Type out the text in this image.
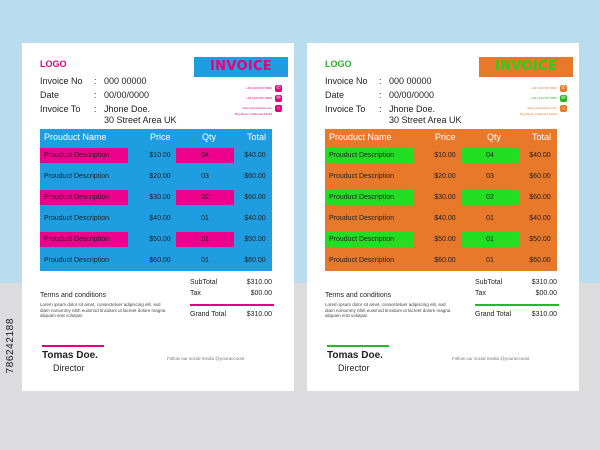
786242188
LOGO	INVOICE
Invoice No : 000 00000
Date	: 00/00/0000
Invoice To : Jhone Doe.
30 Street Area UK
+00 1234 567 8900 ✆
+00 1234 567 8900 ✉
www.yourwebsite.com
Big Street, California 34343
⌂
Prouduct Name	Price	Qty	Total
Prouduct Description	$10.00	04	$40.00
Prouduct Description	$20.00	03	$60.00
Prouduct Description	$30.00	02	$60.00
Prouduct Description	$40.00	01	$40.00
Prouduct Description	$50.00	01	$50.00
Prouduct Description	$60.00	01	$60.00
SubTotal	$310.00
Tax	$00.00
Grand Total	$310.00
Terms and conditions
Lorem ipsum dolor sit amet, consectetuer adipiscing elit, sed diam nonummy nibh euismod tincidunt ut lacreet dolore magna aliquam erat volutpat.
Tomas Doe.
Director
Follow our social media @youraccount
LOGO	INVOICE
Invoice No : 000 00000
Date	: 00/00/0000
Invoice To : Jhone Doe.
30 Street Area UK
+00 1234 567 8900 ✆
+00 1234 567 8900 ✉
www.yourwebsite.com
Big Street, California 34343
⌂
Prouduct Name	Price	Qty	Total
Prouduct Description	$10.00	04	$40.00
Prouduct Description	$20.00	03	$60.00
Prouduct Description	$30.00	02	$60.00
Prouduct Description	$40.00	01	$40.00
Prouduct Description	$50.00	01	$50.00
Prouduct Description	$60.00	01	$60.00
SubTotal	$310.00
Tax	$00.00
Grand Total	$310.00
Terms and conditions
Lorem ipsum dolor sit amet, consectetuer adipiscing elit, sed diam nonummy nibh euismod tincidunt ut lacreet dolore magna aliquam erat volutpat.
Tomas Doe.
Director
Follow our social media @youraccount
